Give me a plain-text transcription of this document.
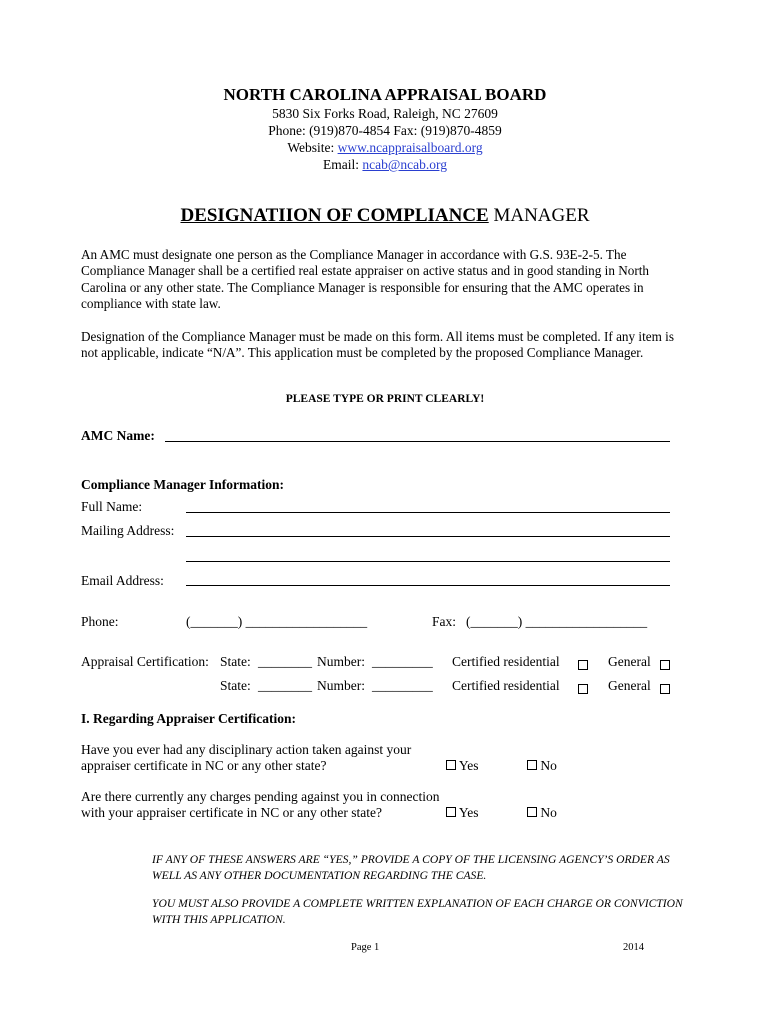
NORTH CAROLINA APPRAISAL BOARD
5830 Six Forks Road, Raleigh, NC 27609
Phone: (919)870-4854 Fax: (919)870-4859
Website: www.ncappraisalboard.org
Email: ncab@ncab.org
DESIGNATIION OF COMPLIANCE MANAGER
An AMC must designate one person as the Compliance Manager in accordance with G.S. 93E-2-5. The Compliance Manager shall be a certified real estate appraiser on active status and in good standing in North Carolina or any other state. The Compliance Manager is responsible for ensuring that the AMC operates in compliance with state law.
Designation of the Compliance Manager must be made on this form. All items must be completed. If any item is not applicable, indicate “N/A”. This application must be completed by the proposed Compliance Manager.
PLEASE TYPE OR PRINT CLEARLY!
AMC Name:
Compliance Manager Information:
Full Name:
Mailing Address:
Email Address:
Phone:	(_______) __________________	Fax: (_______) __________________
Appraisal Certification: State: ________ Number: _________ Certified residential	General
State: ________ Number: _________ Certified residential	General
I. Regarding Appraiser Certification:
Have you ever had any disciplinary action taken against your
appraiser certificate in NC or any other state?	Yes	No
Are there currently any charges pending against you in connection
with your appraiser certificate in NC or any other state?	Yes	No
IF ANY OF THESE ANSWERS ARE “YES,” PROVIDE A COPY OF THE LICENSING AGENCY’S ORDER AS WELL AS ANY OTHER DOCUMENTATION REGARDING THE CASE.
YOU MUST ALSO PROVIDE A COMPLETE WRITTEN EXPLANATION OF EACH CHARGE OR CONVICTION WITH THIS APPLICATION.
Page 1	2014
